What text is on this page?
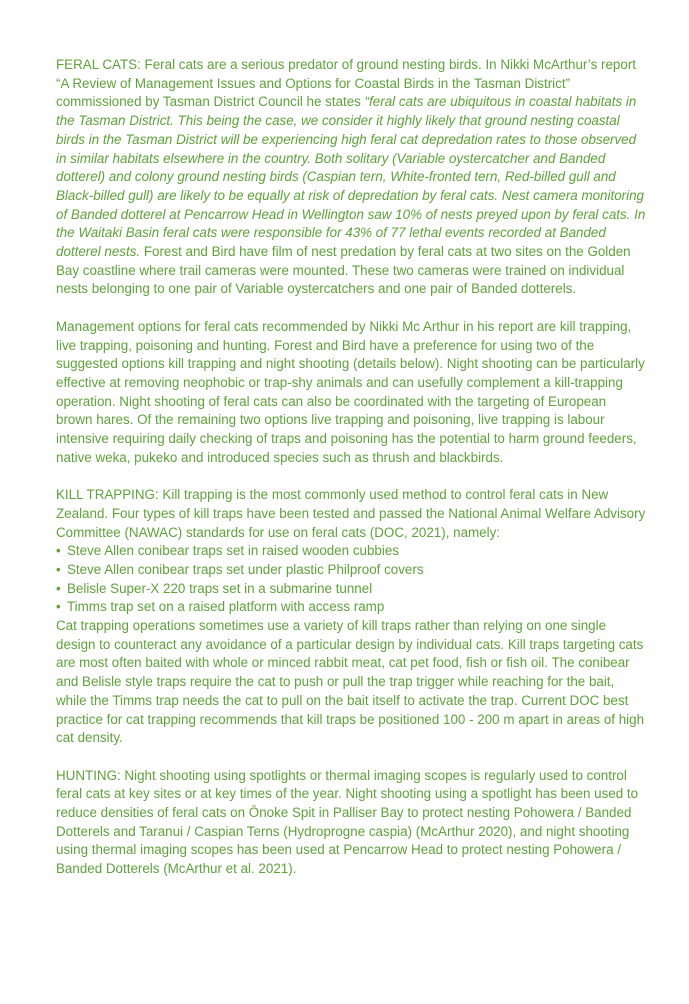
FERAL CATS: Feral cats are a serious predator of ground nesting birds. In Nikki McArthur’s report “A Review of Management Issues and Options for Coastal Birds in the Tasman District” commissioned by Tasman District Council he states “feral cats are ubiquitous in coastal habitats in the Tasman District. This being the case, we consider it highly likely that ground nesting coastal birds in the Tasman District will be experiencing high feral cat depredation rates to those observed in similar habitats elsewhere in the country. Both solitary (Variable oystercatcher and Banded dotterel) and colony ground nesting birds (Caspian tern, White-fronted tern, Red-billed gull and Black-billed gull) are likely to be equally at risk of depredation by feral cats. Nest camera monitoring of Banded dotterel at Pencarrow Head in Wellington saw 10% of nests preyed upon by feral cats. In the Waitaki Basin feral cats were responsible for 43% of 77 lethal events recorded at Banded dotterel nests. Forest and Bird have film of nest predation by feral cats at two sites on the Golden Bay coastline where trail cameras were mounted. These two cameras were trained on individual nests belonging to one pair of Variable oystercatchers and one pair of Banded dotterels.
Management options for feral cats recommended by Nikki Mc Arthur in his report are kill trapping, live trapping, poisoning and hunting. Forest and Bird have a preference for using two of the suggested options kill trapping and night shooting (details below). Night shooting can be particularly effective at removing neophobic or trap-shy animals and can usefully complement a kill-trapping operation. Night shooting of feral cats can also be coordinated with the targeting of European brown hares. Of the remaining two options live trapping and poisoning, live trapping is labour intensive requiring daily checking of traps and poisoning has the potential to harm ground feeders, native weka, pukeko and introduced species such as thrush and blackbirds.

KILL TRAPPING: Kill trapping is the most commonly used method to control feral cats in New Zealand. Four types of kill traps have been tested and passed the National Animal Welfare Advisory Committee (NAWAC) standards for use on feral cats (DOC, 2021), namely:

• Steve Allen conibear traps set in raised wooden cubbies
• Steve Allen conibear traps set under plastic Philproof covers
• Belisle Super-X 220 traps set in a submarine tunnel
• Timms trap set on a raised platform with access ramp

Cat trapping operations sometimes use a variety of kill traps rather than relying on one single design to counteract any avoidance of a particular design by individual cats. Kill traps targeting cats are most often baited with whole or minced rabbit meat, cat pet food, fish or fish oil. The conibear and Belisle style traps require the cat to push or pull the trap trigger while reaching for the bait, while the Timms trap needs the cat to pull on the bait itself to activate the trap. Current DOC best practice for cat trapping recommends that kill traps be positioned 100 - 200 m apart in areas of high cat density.

HUNTING: Night shooting using spotlights or thermal imaging scopes is regularly used to control feral cats at key sites or at key times of the year. Night shooting using a spotlight has been used to reduce densities of feral cats on Ōnoke Spit in Palliser Bay to protect nesting Pohowera / Banded Dotterels and Taranui / Caspian Terns (Hydroprogne caspia) (McArthur 2020), and night shooting using thermal imaging scopes has been used at Pencarrow Head to protect nesting Pohowera / Banded Dotterels (McArthur et al. 2021).
